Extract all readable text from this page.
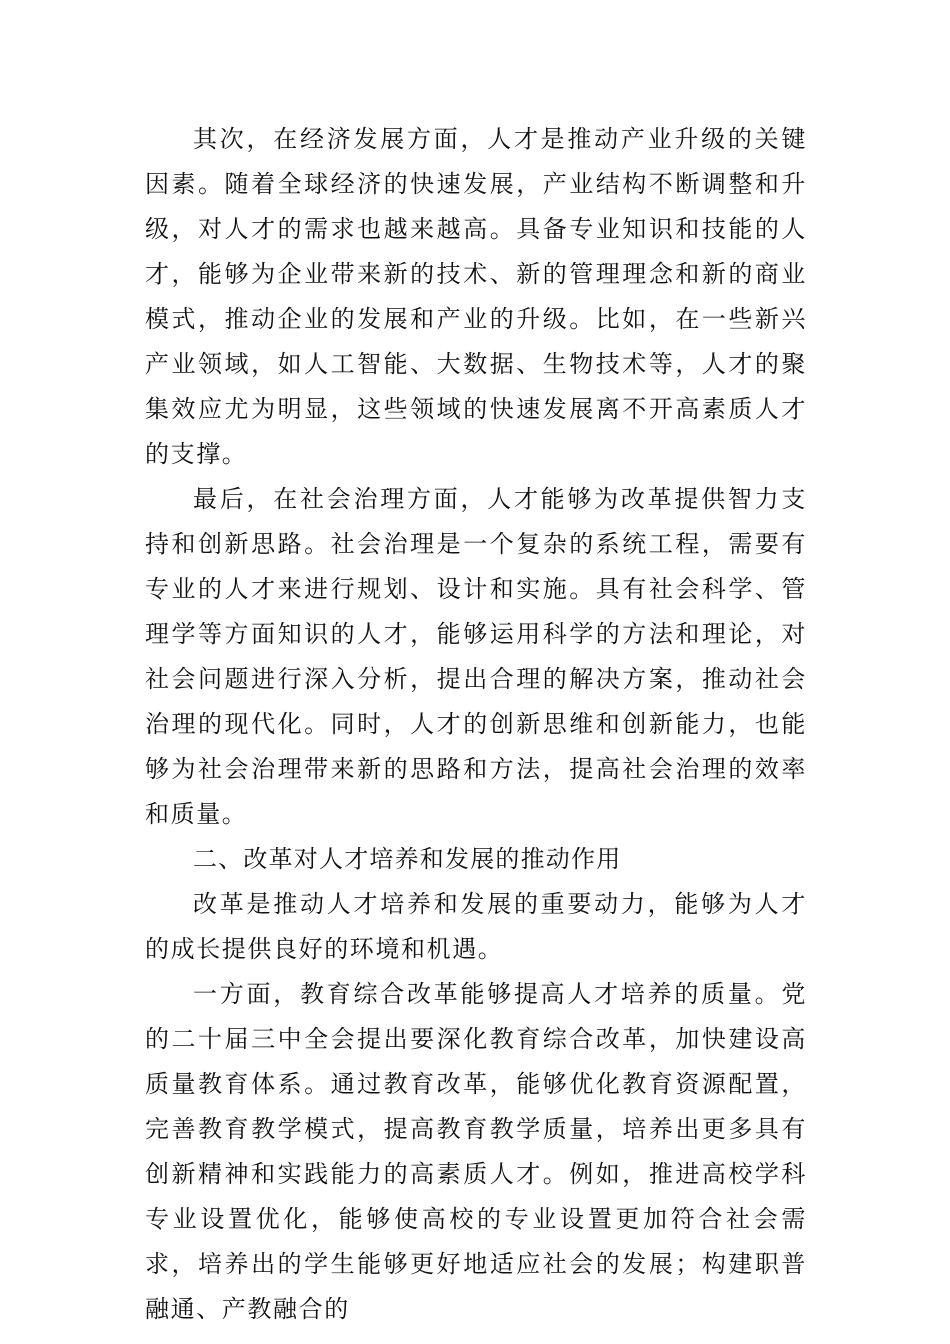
其次，在经济发展方面，人才是推动产业升级的关键因素。随着全球经济的快速发展，产业结构不断调整和升级，对人才的需求也越来越高。具备专业知识和技能的人才，能够为企业带来新的技术、新的管理理念和新的商业模式，推动企业的发展和产业的升级。比如，在一些新兴产业领域，如人工智能、大数据、生物技术等，人才的聚集效应尤为明显，这些领域的快速发展离不开高素质人才的支撑。

最后，在社会治理方面，人才能够为改革提供智力支持和创新思路。社会治理是一个复杂的系统工程，需要有专业的人才来进行规划、设计和实施。具有社会科学、管理学等方面知识的人才，能够运用科学的方法和理论，对社会问题进行深入分析，提出合理的解决方案，推动社会治理的现代化。同时，人才的创新思维和创新能力，也能够为社会治理带来新的思路和方法，提高社会治理的效率和质量。

二、改革对人才培养和发展的推动作用

改革是推动人才培养和发展的重要动力，能够为人才的成长提供良好的环境和机遇。

一方面，教育综合改革能够提高人才培养的质量。党的二十届三中全会提出要深化教育综合改革，加快建设高质量教育体系。通过教育改革，能够优化教育资源配置，完善教育教学模式，提高教育教学质量，培养出更多具有创新精神和实践能力的高素质人才。例如，推进高校学科专业设置优化，能够使高校的专业设置更加符合社会需求，培养出的学生能够更好地适应社会的发展；构建职普融通、产教融合的
